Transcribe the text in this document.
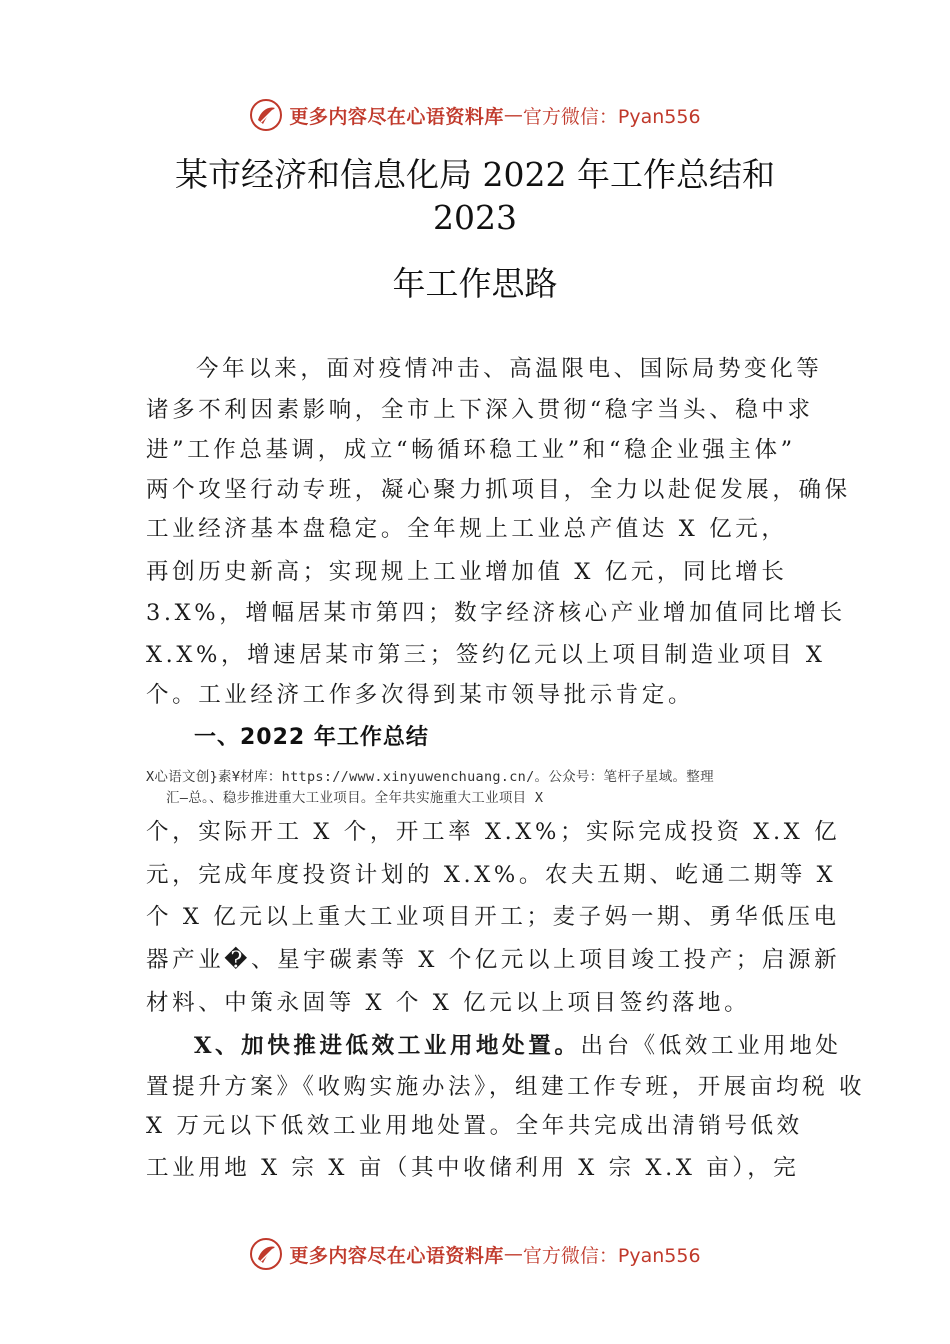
更多内容尽在心语资料库 — 官方微信：Pyan556
某市经济和信息化局 2022 年工作总结和
2023
年工作思路
今年以来，面对疫情冲击、高温限电、国际局势变化等
诸多不利因素影响，全市上下深入贯彻“稳字当头、稳中求
进”工作总基调，成立“畅循环稳工业”和“稳企业强主体”
两个攻坚行动专班，凝心聚力抓项目，全力以赴促发展，确保
工业经济基本盘稳定。全年规上工业总产值达 X 亿元，
再创历史新高；实现规上工业增加值 X 亿元，同比增长
3.X%，增幅居某市第四；数字经济核心产业增加值同比增长
X.X%，增速居某市第三；签约亿元以上项目制造业项目 X
个。工业经济工作多次得到某市领导批示肯定。
一、2022 年工作总结
X心语文创}素¥材库：https://www.xinyuwenchuang.cn/。公众号：笔杆子星域。整理
汇—总。、稳步推进重大工业项目。全年共实施重大工业项目 X
个，实际开工 X 个，开工率 X.X%；实际完成投资 X.X 亿
元，完成年度投资计划的 X.X%。农夫五期、屹通二期等 X
个 X 亿元以上重大工业项目开工；麦子妈一期、勇华低压电
器产业�、星宇碳素等 X 个亿元以上项目竣工投产；启源新
材料、中策永固等 X 个 X 亿元以上项目签约落地。
X、加快推进低效工业用地处置。出台《低效工业用地处
置提升方案》《收购实施办法》，组建工作专班，开展亩均税 收
X 万元以下低效工业用地处置。全年共完成出清销号低效
工业用地 X 宗 X 亩（其中收储利用 X 宗 X.X 亩），完
更多内容尽在心语资料库 — 官方微信：Pyan556
